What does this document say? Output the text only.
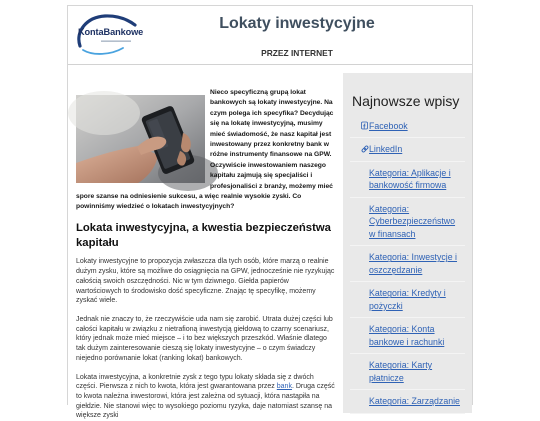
KontaBankowe	Lokaty inwestycyjne
PRZEZ INTERNET

Nieco specyficzną grupą lokat bankowych są lokaty inwestycyjne. Na czym polega ich specyfika? Decydując się na lokatę inwestycyjną, musimy mieć świadomość, że nasz kapitał jest inwestowany przez konkretny bank w różne instrumenty finansowe na GPW. Oczywiście inwestowaniem naszego kapitału zajmują się specjaliści i profesjonaliści z branży, możemy mieć spore szanse na odniesienie sukcesu, a więc realnie wysokie zyski. Co powinniśmy wiedzieć o lokatach inwestycyjnych?

Lokata inwestycyjna, a kwestia bezpieczeństwa kapitału

Lokaty inwestycyjne to propozycja zwłaszcza dla tych osób, które marzą o realnie dużym zysku, które są możliwe do osiągnięcia na GPW, jednocześnie nie ryzykując całością swoich oszczędności. Nic w tym dziwnego. Giełda papierów wartościowych to środowisko dość specyficzne. Znając tę specyfikę, możemy zyskać wiele.

Jednak nie znaczy to, że rzeczywiście uda nam się zarobić. Utrata dużej części lub całości kapitału w związku z nietrafioną inwestycją giełdową to czarny scenariusz, który jednak może mieć miejsce – i to bez większych przeszkód. Właśnie dlatego tak dużym zainteresowanie cieszą się lokaty inwestycyjne – o czym świadczy niejedno porównanie lokat (ranking lokat) bankowych.

Lokata inwestycyjna, a konkretnie zysk z tego typu lokaty składa się z dwóch części. Pierwsza z nich to kwota, która jest gwarantowana przez bank. Druga część to kwota należna inwestorowi, która jest zależna od sytuacji, która nastąpiła na giełdzie. Nie stanowi więc to wysokiego poziomu ryzyka, daje natomiast szansę na większe zyski

Najnowsze wpisy
Facebook
LinkedIn
Kategoria: Aplikacje i bankowość firmowa
Kategoria: Cyberbezpieczeństwo w finansach
Kategoria: Inwestycje i oszczędzanie
Kategoria: Kredyty i pożyczki
Kategoria: Konta bankowe i rachunki
Kategoria: Karty płatnicze
Kategoria: Zarządzanie
